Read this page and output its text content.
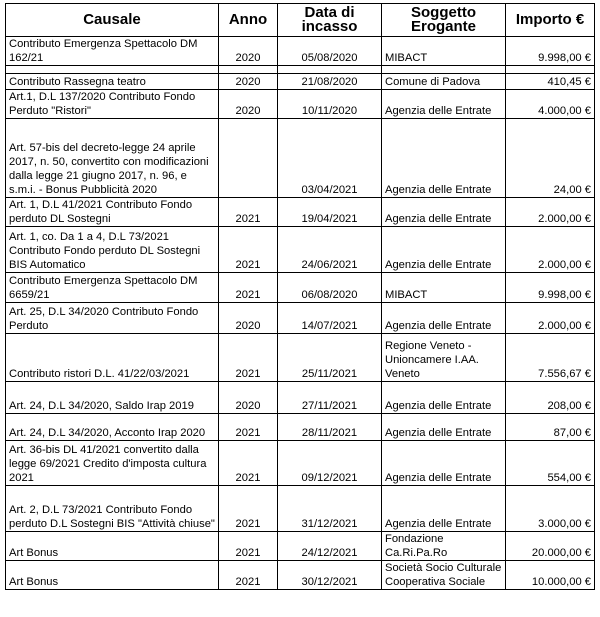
Causale	Anno	Data di incasso	Soggetto Erogante	Importo €
Contributo Emergenza Spettacolo DM 162/21	2020	05/08/2020	MIBACT	9.998,00 €

Contributo Rassegna teatro	2020	21/08/2020	Comune di Padova	410,45 €
Art.1, D.L 137/2020 Contributo Fondo Perduto "Ristori"	2020	10/11/2020	Agenzia delle Entrate	4.000,00 €
Art. 57-bis del decreto-legge 24 aprile 2017, n. 50, convertito con modificazioni dalla legge 21 giugno 2017, n. 96, e s.m.i. - Bonus Pubblicità 2020		03/04/2021	Agenzia delle Entrate	24,00 €
Art. 1, D.L 41/2021 Contributo Fondo perduto DL Sostegni	2021	19/04/2021	Agenzia delle Entrate	2.000,00 €
Art. 1, co. Da 1 a 4, D.L 73/2021 Contributo Fondo perduto DL Sostegni BIS Automatico	2021	24/06/2021	Agenzia delle Entrate	2.000,00 €
Contributo Emergenza Spettacolo DM 6659/21	2021	06/08/2020	MIBACT	9.998,00 €
Art. 25, D.L 34/2020 Contributo Fondo Perduto	2020	14/07/2021	Agenzia delle Entrate	2.000,00 €
Contributo ristori D.L. 41/22/03/2021	2021	25/11/2021	Regione Veneto - Unioncamere I.AA. Veneto	7.556,67 €
Art. 24, D.L 34/2020, Saldo Irap 2019	2020	27/11/2021	Agenzia delle Entrate	208,00 €
Art. 24, D.L 34/2020, Acconto Irap 2020	2021	28/11/2021	Agenzia delle Entrate	87,00 €
Art. 36-bis DL 41/2021 convertito dalla legge 69/2021 Credito d'imposta cultura 2021	2021	09/12/2021	Agenzia delle Entrate	554,00 €
Art. 2, D.L 73/2021 Contributo Fondo perduto D.L Sostegni BIS "Attività chiuse"	2021	31/12/2021	Agenzia delle Entrate	3.000,00 €
Art Bonus	2021	24/12/2021	Fondazione Ca.Ri.Pa.Ro	20.000,00 €
Art Bonus	2021	30/12/2021	Società Socio Culturale Cooperativa Sociale	10.000,00 €
